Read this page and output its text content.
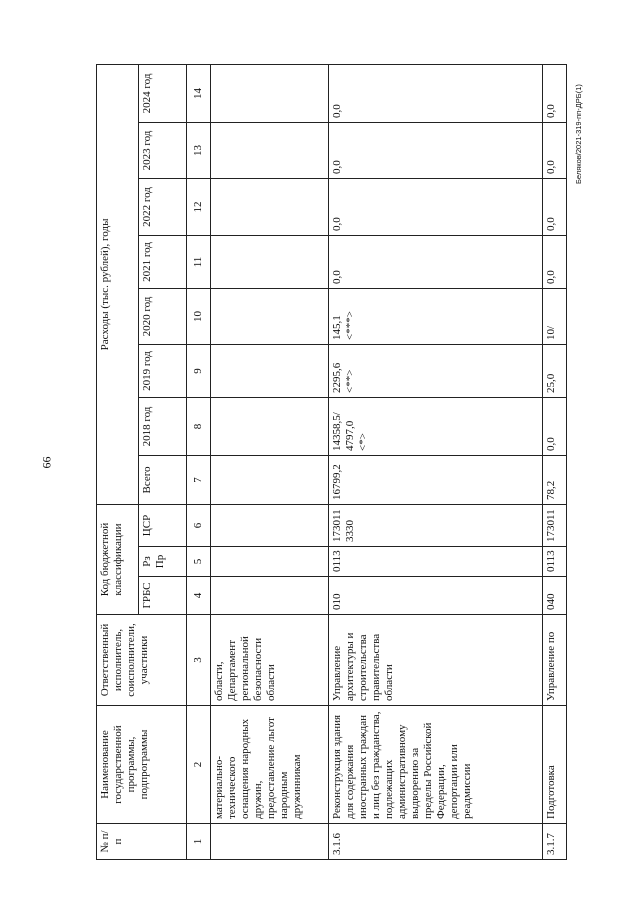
66
Беляков/2021-319-пп-ДРБ(1)
№ п/п	Наименование государственной программы, подпрограммы	Ответственный исполнитель, соисполнители, участники	Код бюджетной классификации			Расходы (тыс. рублей), годы							
			ГРБС	Рз Пр	ЦСР	Всего	2018 год	2019 год	2020 год	2021 год	2022 год	2023 год	2024 год

1	2	3	4	5	6	7	8	9	10	11	12	13	14
	материально-технического оснащения народных дружин, предоставление льгот народным дружинникам	области, Департамент региональной безопасности области											
3.1.6	Реконструкция здания для содержания иностранных граждан и лиц без гражданства, подлежащих административному выдворению за пределы Российской Федерации, депортации или реадмиссии	Управление архитектуры и строительства правительства области	010	0113	173011 3330	16799,2	14358,5/ 4797,0 <*>	2295,6 <**>	145,1 <***>	0,0	0,0	0,0	0,0
3.1.7	Подготовка	Управление по	040	0113	173011	78,2	0,0	25,0	10/	0,0	0,0	0,0	0,0
